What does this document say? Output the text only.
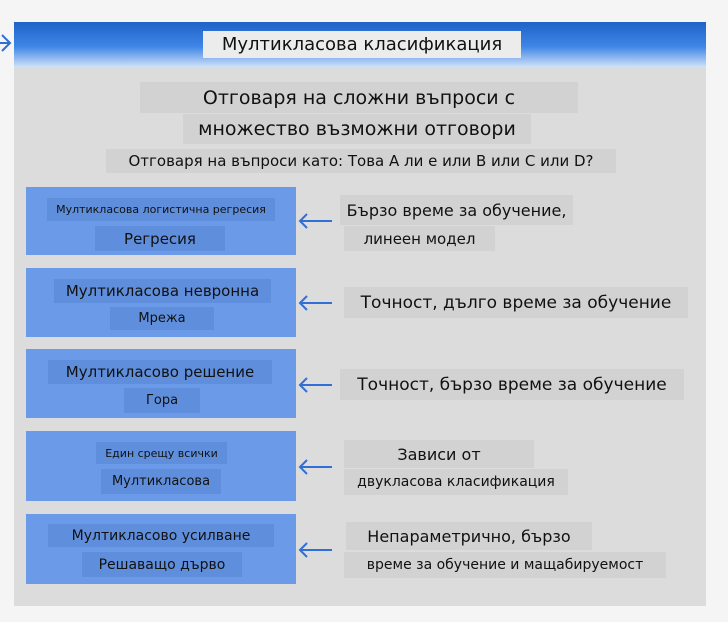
Мултикласова класификация
Отговаря на сложни въпроси с
множество възможни отговори
Отговаря на въпроси като: Това A ли е или B или C или D?
Мултикласова логистична регресия
Регресия
Бързо време за обучение,
линеен модел
Мултикласова невронна
Мрежа
Точност, дълго време за обучение
Мултикласово решение
Гора
Точност, бързо време за обучение
Един срещу всички
Мултикласова
Зависи от
двукласова класификация
Мултикласово усилване
Решаващо дърво
Непараметрично, бързо
време за обучение и мащабируемост
